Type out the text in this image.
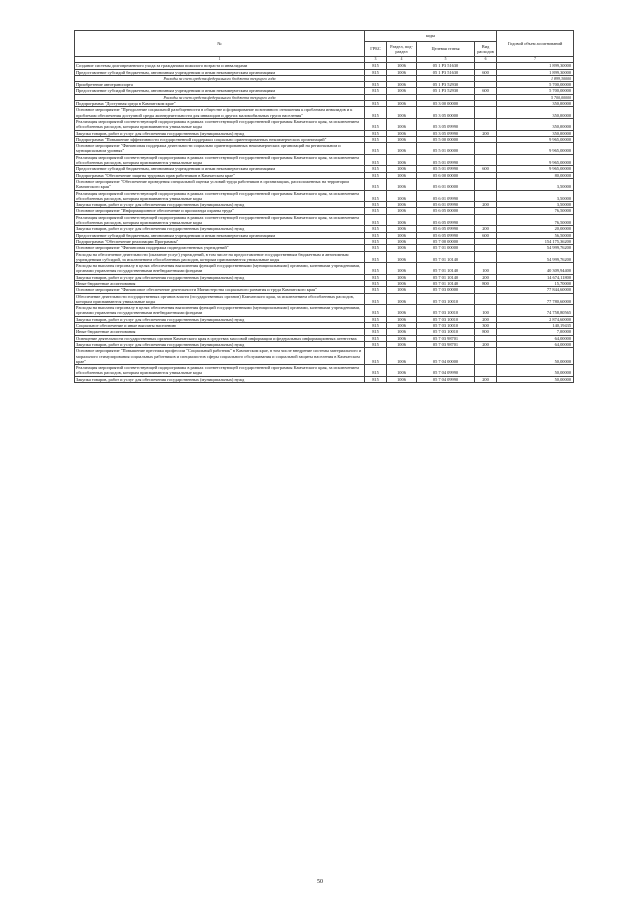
№	коды				Годовой объем ассигнований
	ГРБС	Раздел, под-раздел	Целевая статья	Вид расходов	
1	3	4	5	6	7
Создание системы долговременного ухода за гражданами пожилого возраста и инвалидами	815	1006	05 1 Р3 51630		1 899,30000
Предоставление субсидий бюджетным, автономным учреждениям и иным некоммерческим организациям	815	1006	05 1 Р3 51630	600	1 899,30000
Расходы за счет средств федерального бюджета текущего года					1 899,30000
Приобретение автотранспорта	815	1006	05 1 Р3 52930		5 700,00000
Предоставление субсидий бюджетным, автономным учреждениям и иным некоммерческим организациям	815	1006	05 1 Р3 52930	600	5 700,00000
Расходы за счет средств федерального бюджета текущего года					5 700,00000
Подпрограмма "Доступная среда в Камчатском крае"	815	1006	05 3 00 00000		350,00000
Основное мероприятие "Преодоление социальной разобщенности в обществе и формирование позитивного отношения к проблемам инвалидов и к проблемам обеспечения доступной среды жизнедеятельности для инвалидов и других маломобильных групп населения"	815	1006	05 3 05 00000		350,00000
Реализация мероприятий соответствующей подпрограммы в рамках соответствующей государственной программы Камчатского края, за исключением обособленных расходов, которым присваиваются уникальные коды	815	1006	05 3 05 09990		350,00000
Закупка товаров, работ и услуг для обеспечения государственных (муниципальных) нужд	815	1006	05 3 05 09990	200	350,00000
Подпрограмма "Повышение эффективности государственной поддержки социально ориентированных некоммерческих организаций"	815	1006	05 5 00 00000		9 965,00000
Основное мероприятие "Финансовая поддержка деятельности социально ориентированных некоммерческих организаций на региональном и муниципальном уровнях"	815	1006	05 5 01 00000		9 965,00000
Реализация мероприятий соответствующей подпрограммы в рамках соответствующей государственной программы Камчатского края, за исключением обособленных расходов, которым присваиваются уникальные коды	815	1006	05 5 01 09990		9 965,00000
Предоставление субсидий бюджетным, автономным учреждениям и иным некоммерческим организациям	815	1006	05 5 01 09990	600	9 965,00000
Подпрограмма "Обеспечение защиты трудовых прав работников в Камчатском крае"	815	1006	05 6 00 00000		80,00000
Основное мероприятие "Обеспечение проведения специальной оценки условий труда работников в организациях, расположенных на территории Камчатского края"	815	1006	05 6 01 00000		3,50000
Реализация мероприятий соответствующей подпрограммы в рамках соответствующей государственной программы Камчатского края, за исключением обособленных расходов, которым присваиваются уникальные коды	815	1006	05 6 01 09990		3,50000
Закупка товаров, работ и услуг для обеспечения государственных (муниципальных) нужд	815	1006	05 6 01 09990	200	3,50000
Основное мероприятие "Информационное обеспечение и пропаганда охраны труда"	815	1006	05 6 05 00000		76,50000
Реализация мероприятий соответствующей подпрограммы в рамках соответствующей государственной программы Камчатского края, за исключением обособленных расходов, которым присваиваются уникальные коды	815	1006	05 6 05 09990		76,50000
Закупка товаров, работ и услуг для обеспечения государственных (муниципальных) нужд	815	1006	05 6 05 09990	200	20,00000
Предоставление субсидий бюджетным, автономным учреждениям и иным некоммерческим организациям	815	1006	05 6 05 09990	600	56,50000
Подпрограмма "Обеспечение реализации Программы"	815	1006	05 7 00 00000		154 175,36200
Основное мероприятие "Финансовая поддержка подведомственных учреждений"	815	1006	05 7 01 00000		54 999,76200
Расходы на обеспечение деятельности (оказание услуг) учреждений, в том числе на предоставление государственным бюджетным и автономным учреждениям субсидий, за исключением обособленных расходов, которым присваиваются уникальные коды	815	1006	05 7 01 10140		54 999,76200
Расходы на выплаты персоналу в целях обеспечения выполнения функций государственными (муниципальными) органами, казенными учреждениями, органами управления государственными внебюджетными фондами	815	1006	05 7 01 10140	100	40 309,94400
Закупка товаров, работ и услуг для обеспечения государственных (муниципальных) нужд	815	1006	05 7 01 10140	200	14 674,11800
Иные бюджетные ассигнования	815	1006	05 7 01 10140	800	15,70000
Основное мероприятие "Финансовое обеспечение деятельности Министерства социального развития и труда Камчатского края"	815	1006	05 7 03 00000		77 844,60000
Обеспечение деятельности государственных органов власти (государственных органов) Камчатского края, за исключением обособленных расходов, которым присваиваются уникальные коды	815	1006	05 7 03 10010		77 780,60000
Расходы на выплаты персоналу в целях обеспечения выполнения функций государственными (муниципальными) органами, казенными учреждениями, органами управления государственными внебюджетными фондами	815	1006	05 7 03 10010	100	74 758,80565
Закупка товаров, работ и услуг для обеспечения государственных (муниципальных) нужд	815	1006	05 7 03 10010	200	2 874,60000
Социальное обеспечение и иные выплаты населению	815	1006	05 7 03 10010	300	140,19435
Иные бюджетные ассигнования	815	1006	05 7 03 10010	800	7,00000
Освещение деятельности государственных органов Камчатского края в средствах массовой информации и федеральных информационных агентствах	815	1006	05 7 03 98701		64,00000
Закупка товаров, работ и услуг для обеспечения государственных (муниципальных) нужд	815	1006	05 7 03 98701	200	64,00000
Основное мероприятие "Повышение престижа профессии "Социальный работник" в Камчатском крае, в том числе внедрение системы материального и морального стимулирования социальных работников и специалистов сферы социального обслуживания и социальной защиты населения в Камчатском крае"	815	1006	05 7 04 00000		50,00000
Реализация мероприятий соответствующей подпрограммы в рамках соответствующей государственной программы Камчатского края, за исключением обособленных расходов, которым присваиваются уникальные коды	815	1006	05 7 04 09990		50,00000
Закупка товаров, работ и услуг для обеспечения государственных (муниципальных) нужд	815	1006	05 7 04 09990	200	50,00000
50
